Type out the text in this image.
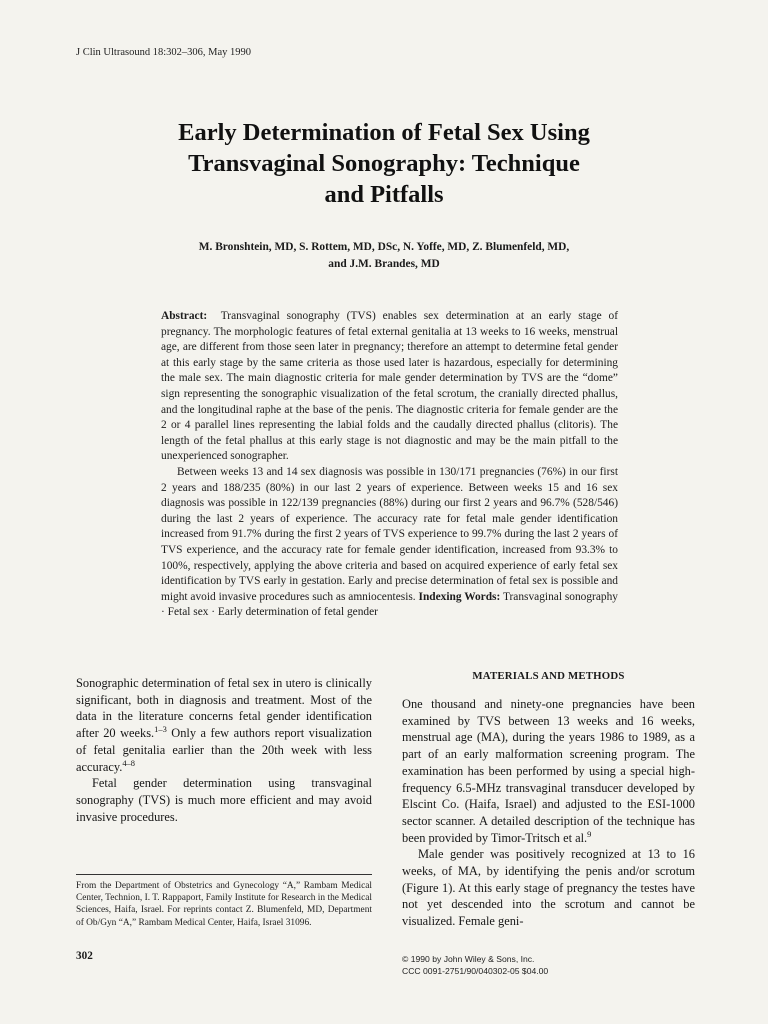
J Clin Ultrasound 18:302–306, May 1990
Early Determination of Fetal Sex Using
Transvaginal Sonography: Technique
and Pitfalls
M. Bronshtein, MD, S. Rottem, MD, DSc, N. Yoffe, MD, Z. Blumenfeld, MD,
and J.M. Brandes, MD

Abstract: Transvaginal sonography (TVS) enables sex determination at an early stage of pregnancy. The morphologic features of fetal external genitalia at 13 weeks to 16 weeks, menstrual age, are different from those seen later in pregnancy; therefore an attempt to determine fetal gender at this early stage by the same criteria as those used later is hazardous, especially for determining the male sex. The main diagnostic criteria for male gender determination by TVS are the “dome” sign representing the sonographic visualization of the fetal scrotum, the cranially directed phallus, and the longitudinal raphe at the base of the penis. The diagnostic criteria for female gender are the 2 or 4 parallel lines representing the labial folds and the caudally directed phallus (clitoris). The length of the fetal phallus at this early stage is not diagnostic and may be the main pitfall to the unexperienced sonographer.

Between weeks 13 and 14 sex diagnosis was possible in 130/171 pregnancies (76%) in our first 2 years and 188/235 (80%) in our last 2 years of experience. Between weeks 15 and 16 sex diagnosis was possible in 122/139 pregnancies (88%) during our first 2 years and 96.7% (528/546) during the last 2 years of experience. The accuracy rate for fetal male gender identification increased from 91.7% during the first 2 years of TVS experience to 99.7% during the last 2 years of TVS experience, and the accuracy rate for female gender identification, increased from 93.3% to 100%, respectively, applying the above criteria and based on acquired experience of early fetal sex identification by TVS early in gestation. Early and precise determination of fetal sex is possible and might avoid invasive procedures such as amniocentesis. Indexing Words: Transvaginal sonography · Fetal sex · Early determination of fetal gender

Sonographic determination of fetal sex in utero is clinically significant, both in diagnosis and treatment. Most of the data in the literature concerns fetal gender identification after 20 weeks.$^{1-3}$ Only a few authors report visualization of fetal genitalia earlier than the 20th week with less accuracy.$^{4-8}$

Fetal gender determination using transvaginal sonography (TVS) is much more efficient and may avoid invasive procedures.

From the Department of Obstetrics and Gynecology “A,” Rambam Medical Center, Technion, I. T. Rappaport, Family Institute for Research in the Medical Sciences, Haifa, Israel. For reprints contact Z. Blumenfeld, MD, Department of Ob/Gyn “A,” Rambam Medical Center, Haifa, Israel 31096.
302
MATERIALS AND METHODS

One thousand and ninety-one pregnancies have been examined by TVS between 13 weeks and 16 weeks, menstrual age (MA), during the years 1986 to 1989, as a part of an early malformation screening program. The examination has been performed by using a special high-frequency 6.5-MHz transvaginal transducer developed by Elscint Co. (Haifa, Israel) and adjusted to the ESI-1000 sector scanner. A detailed description of the technique has been provided by Timor-Tritsch et al.$^9$

Male gender was positively recognized at 13 to 16 weeks, of MA, by identifying the penis and/or scrotum (Figure 1). At this early stage of pregnancy the testes have not yet descended into the scrotum and cannot be visualized. Female geni-

© 1990 by John Wiley & Sons, Inc.
CCC 0091-2751/90/040302-05 $04.00
